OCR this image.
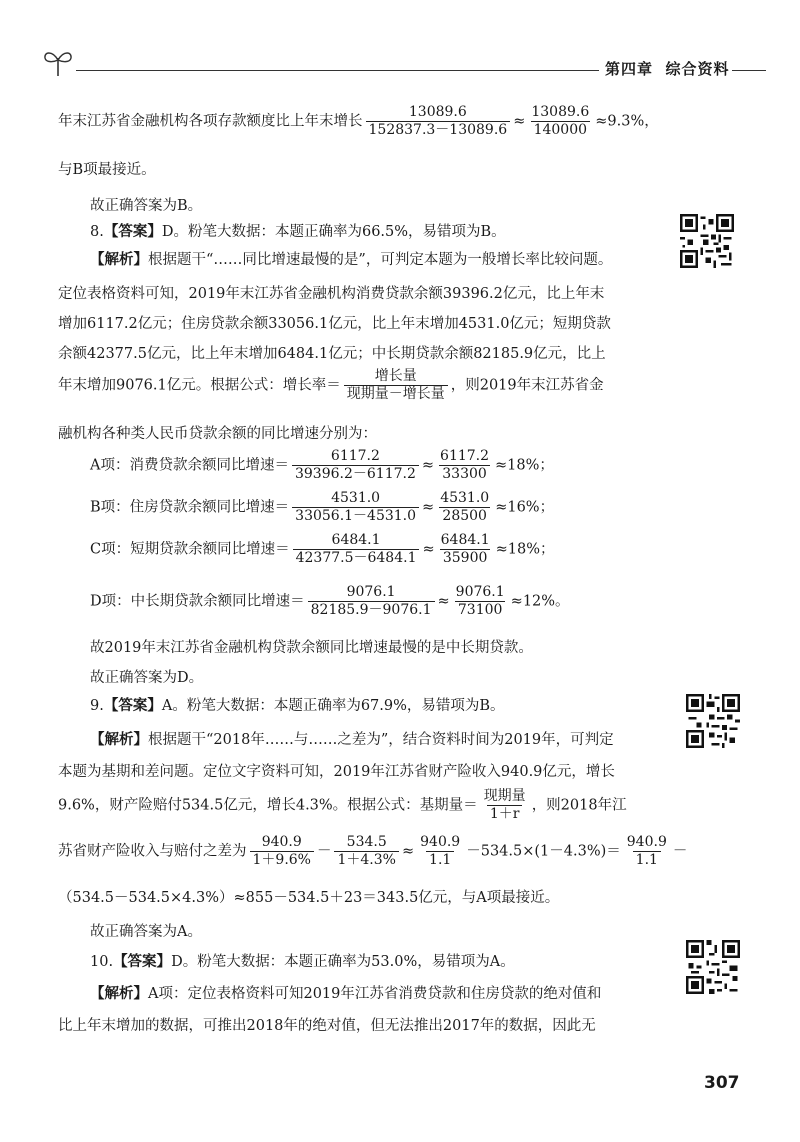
第四章 综合资料
年末江苏省金融机构各项存款额度比上年末增长 $\frac{13089.6}{152837.3-13089.6} \approx \frac{13089.6}{140000} \approx 9.3\%$，
与B项最接近。
故正确答案为B。
8.【答案】D。粉笔大数据：本题正确率为66.5%，易错项为B。
【解析】根据题干“……同比增速最慢的是”，可判定本题为一般增长率比较问题。
定位表格资料可知，2019年末江苏省金融机构消费贷款余额39396.2亿元，比上年末
增加6117.2亿元；住房贷款余额33056.1亿元，比上年末增加4531.0亿元；短期贷款
余额42377.5亿元，比上年末增加6484.1亿元；中长期贷款余额82185.9亿元，比上
年末增加9076.1亿元。根据公式：增长率＝ $\frac{\text{增长量}}{\text{现期量－增长量}}$ ，则2019年末江苏省金
融机构各种类人民币贷款余额的同比增速分别为：
A项：消费贷款余额同比增速＝ $\frac{6117.2}{39396.2-6117.2} \approx \frac{6117.2}{33300} \approx 18\%$；
B项：住房贷款余额同比增速＝ $\frac{4531.0}{33056.1-4531.0} \approx \frac{4531.0}{28500} \approx 16\%$；
C项：短期贷款余额同比增速＝ $\frac{6484.1}{42377.5-6484.1} \approx \frac{6484.1}{35900} \approx 18\%$；
D项：中长期贷款余额同比增速＝ $\frac{9076.1}{82185.9-9076.1} \approx \frac{9076.1}{73100} \approx 12\%$。
故2019年末江苏省金融机构贷款余额同比增速最慢的是中长期贷款。
故正确答案为D。
9.【答案】A。粉笔大数据：本题正确率为67.9%，易错项为B。
【解析】根据题干“2018年……与……之差为”，结合资料时间为2019年，可判定
本题为基期和差问题。定位文字资料可知，2019年江苏省财产险收入940.9亿元，增长
9.6%，财产险赔付534.5亿元，增长4.3%。根据公式：基期量＝ $\frac{\text{现期量}}{1+r}$ ，则2018年江
苏省财产险收入与赔付之差为 $\frac{940.9}{1+9.6\%} - \frac{534.5}{1+4.3\%} \approx \frac{940.9}{1.1} -534.5\times(1-4.3\%)= \frac{940.9}{1.1}$ －
（534.5－534.5×4.3%）≈855－534.5＋23＝343.5亿元，与A项最接近。
故正确答案为A。
10.【答案】D。粉笔大数据：本题正确率为53.0%，易错项为A。
【解析】A项：定位表格资料可知2019年江苏省消费贷款和住房贷款的绝对值和
比上年末增加的数据，可推出2018年的绝对值，但无法推出2017年的数据，因此无
307
